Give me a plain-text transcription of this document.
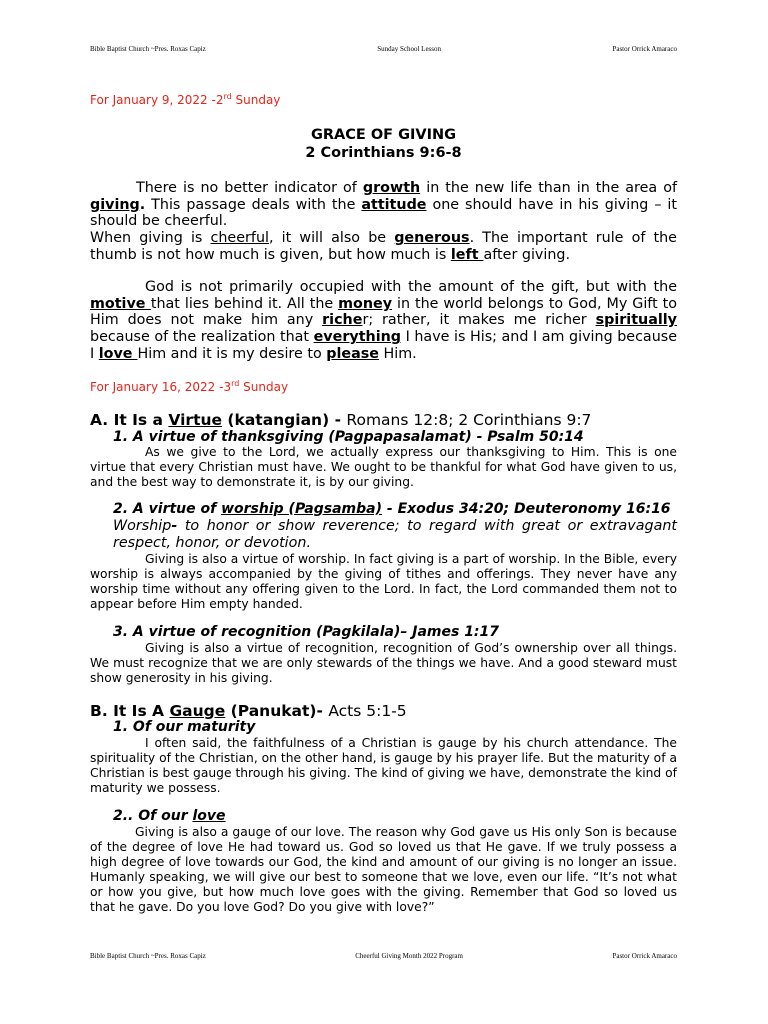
Bible Baptist Church ~Pres. Roxas Capiz	Sunday School Lesson	Pastor Orrick Amaraco
For January 9, 2022 -2rd Sunday
GRACE OF GIVING
2 Corinthians 9:6-8
There is no better indicator of growth in the new life than in the area of giving. This passage deals with the attitude one should have in his giving – it should be cheerful.
When giving is cheerful, it will also be generous. The important rule of the thumb is not how much is given, but how much is left after giving.
God is not primarily occupied with the amount of the gift, but with the motive that lies behind it. All the money in the world belongs to God, My Gift to Him does not make him any richer; rather, it makes me richer spiritually because of the realization that everything I have is His; and I am giving because I love Him and it is my desire to please Him.
For January 16, 2022 -3rd Sunday
A. It Is a Virtue (katangian) - Romans 12:8; 2 Corinthians 9:7
1. A virtue of thanksgiving (Pagpapasalamat) - Psalm 50:14
As we give to the Lord, we actually express our thanksgiving to Him. This is one virtue that every Christian must have. We ought to be thankful for what God have given to us, and the best way to demonstrate it, is by our giving.
2. A virtue of worship (Pagsamba) - Exodus 34:20; Deuteronomy 16:16
Worship- to honor or show reverence; to regard with great or extravagant respect, honor, or devotion.
Giving is also a virtue of worship. In fact giving is a part of worship. In the Bible, every worship is always accompanied by the giving of tithes and offerings. They never have any worship time without any offering given to the Lord. In fact, the Lord commanded them not to appear before Him empty handed.
3. A virtue of recognition (Pagkilala)– James 1:17
Giving is also a virtue of recognition, recognition of God’s ownership over all things. We must recognize that we are only stewards of the things we have. And a good steward must show generosity in his giving.
B. It Is A Gauge (Panukat)- Acts 5:1-5
1. Of our maturity
I often said, the faithfulness of a Christian is gauge by his church attendance. The spirituality of the Christian, on the other hand, is gauge by his prayer life. But the maturity of a Christian is best gauge through his giving. The kind of giving we have, demonstrate the kind of maturity we possess.
2.. Of our love
Giving is also a gauge of our love. The reason why God gave us His only Son is because of the degree of love He had toward us. God so loved us that He gave. If we truly possess a high degree of love towards our God, the kind and amount of our giving is no longer an issue. Humanly speaking, we will give our best to someone that we love, even our life. “It’s not what or how you give, but how much love goes with the giving. Remember that God so loved us that he gave. Do you love God? Do you give with love?”
Bible Baptist Church ~Pres. Roxas Capiz	Cheerful Giving Month 2022 Program	Pastor Orrick Amaraco
